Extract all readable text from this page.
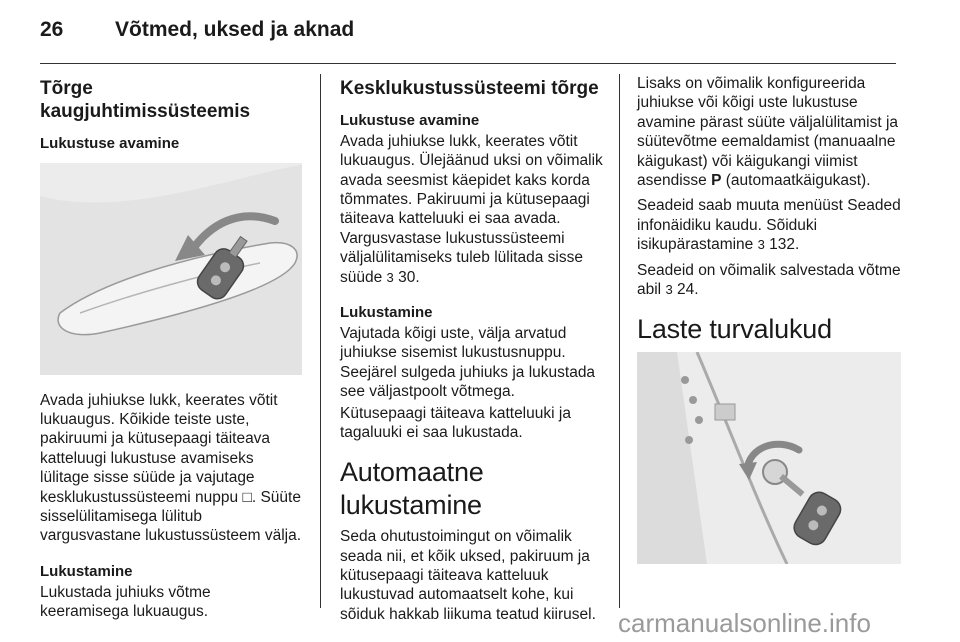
26 Võtmed, uksed ja aknad
Tõrge kaugjuhtimissüsteemis
Lukustuse avamine

Avada juhiukse lukk, keerates võtit lukuaugus. Kõikide teiste uste, pakiruumi ja kütusepaagi täiteava katteluugi lukustuse avamiseks lülitage sisse süüde ja vajutage kesklukustussüsteemi nuppu □. Süüte sisselülitamisega lülitub vargusvastane lukustussüsteem välja.

Lukustamine

Lukustada juhiuks võtme keeramisega lukuaugus.

Kesklukustussüsteemi tõrge
Lukustuse avamine

Avada juhiukse lukk, keerates võtit lukuaugus. Ülejäänud uksi on võimalik avada seesmist käepidet kaks korda tõmmates. Pakiruumi ja kütusepaagi täiteava katteluuki ei saa avada. Vargusvastase lukustussüsteemi väljalülitamiseks tuleb lülitada sisse süüde 3 30.

Lukustamine

Vajutada kõigi uste, välja arvatud juhiukse sisemist lukustusnuppu. Seejärel sulgeda juhiuks ja lukustada see väljastpoolt võtmega.

Kütusepaagi täiteava katteluuki ja tagaluuki ei saa lukustada.

Automaatne lukustamine

Seda ohutustoimingut on võimalik seada nii, et kõik uksed, pakiruum ja kütusepaagi täiteava katteluuk lukustuvad automaatselt kohe, kui sõiduk hakkab liikuma teatud kiirusel.

Lisaks on võimalik konfigureerida juhiukse või kõigi uste lukustuse avamine pärast süüte väljalülitamist ja süütevõtme eemaldamist (manuaalne käigukast) või käigukangi viimist asendisse P (automaatkäigukast).

Seadeid saab muuta menüüst Seaded infonäidiku kaudu. Sõiduki isikupärastamine 3 132.

Seadeid on võimalik salvestada võtme abil 3 24.

Laste turvalukud
carmanualsonline.info
